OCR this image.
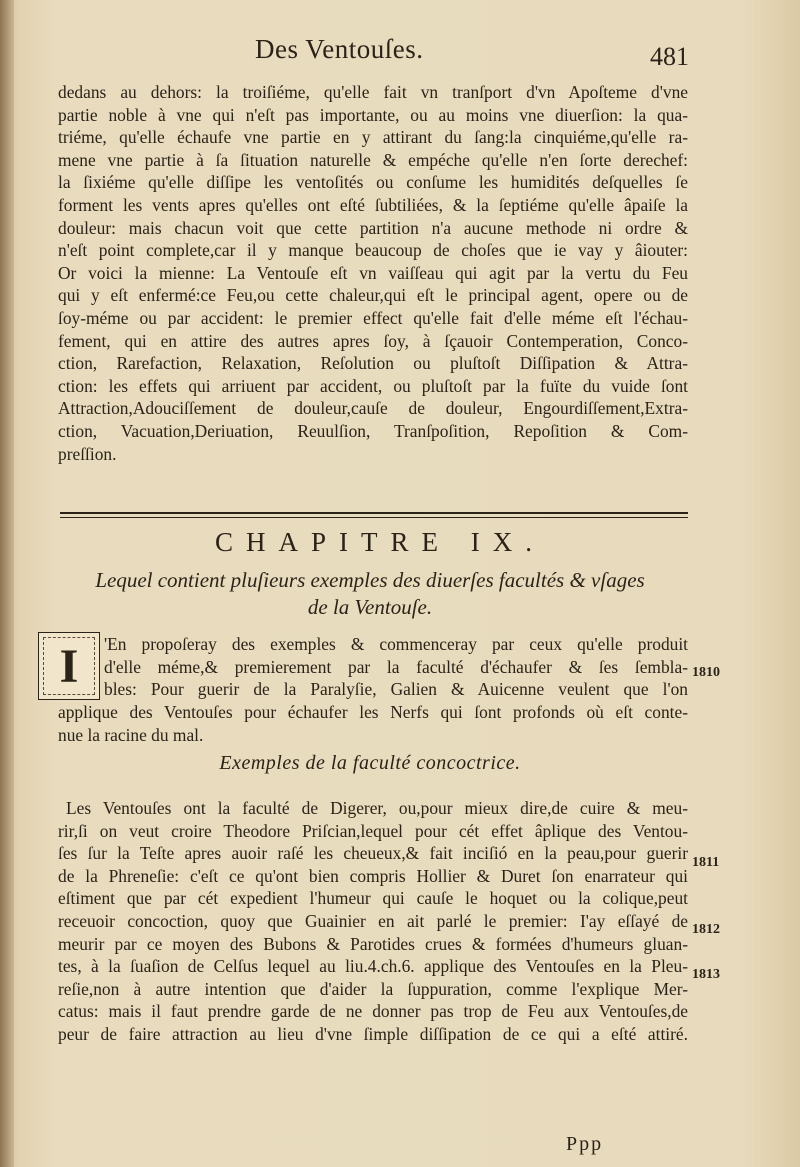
Des Ventouſes.	481
dedans au dehors: la troiſiéme, qu'elle fait vn tranſport d'vn Apoſteme d'vne
partie noble à vne qui n'eſt pas importante, ou au moins vne diuerſion: la qua-
triéme, qu'elle échaufe vne partie en y attirant du ſang:la cinquiéme,qu'elle ra-
mene vne partie à ſa ſituation naturelle & empéche qu'elle n'en ſorte derechef:
la ſixiéme qu'elle diſſipe les ventoſités ou conſume les humidités deſquelles ſe
forment les vents apres qu'elles ont eſté ſubtiliées, & la ſeptiéme qu'elle âpaiſe la
douleur: mais chacun voit que cette partition n'a aucune methode ni ordre &
n'eſt point complete,car il y manque beaucoup de choſes que ie vay y âiouter:
Or voici la mienne: La Ventouſe eſt vn vaiſſeau qui agit par la vertu du Feu
qui y eſt enfermé:ce Feu,ou cette chaleur,qui eſt le principal agent, opere ou de
ſoy-méme ou par accident: le premier effect qu'elle fait d'elle méme eſt l'échau-
fement, qui en attire des autres apres ſoy, à ſçauoir Contemperation, Conco-
ction, Rarefaction, Relaxation, Reſolution ou pluſtoſt Diſſipation & Attra-
ction: les effets qui arriuent par accident, ou pluſtoſt par la fuïte du vuide ſont
Attraction,Adouciſſement de douleur,cauſe de douleur, Engourdiſſement,Extra-
ction, Vacuation,Deriuation, Reuulſion, Tranſpoſition, Repoſition & Com-
preſſion.
CHAPITRE IX.
Lequel contient pluſieurs exemples des diuerſes facultés & vſages
de la Ventouſe.
I 'En propoſeray des exemples & commenceray par ceux qu'elle produit
d'elle méme,& premierement par la faculté d'échaufer & ſes ſembla-
bles: Pour guerir de la Paralyſie, Galien & Auicenne veulent que l'on
applique des Ventouſes pour échaufer les Nerfs qui ſont profonds où eſt conte-
nue la racine du mal.
Exemples de la faculté concoctrice.
Les Ventouſes ont la faculté de Digerer, ou,pour mieux dire,de cuire & meu-
rir,ſi on veut croire Theodore Priſcian,lequel pour cét effet âplique des Ventou-
ſes ſur la Teſte apres auoir raſé les cheueux,& fait inciſió en la peau,pour guerir
de la Phreneſie: c'eſt ce qu'ont bien compris Hollier & Duret ſon enarrateur qui
eſtiment que par cét expedient l'humeur qui cauſe le hoquet ou la colique,peut
receuoir concoction, quoy que Guainier en ait parlé le premier: I'ay eſſayé de
meurir par ce moyen des Bubons & Parotides crues & formées d'humeurs gluan-
tes, à la ſuaſion de Celſus lequel au liu.4.ch.6. applique des Ventouſes en la Pleu-
reſie,non à autre intention que d'aider la ſuppuration, comme l'explique Mer-
catus: mais il faut prendre garde de ne donner pas trop de Feu aux Ventouſes,de
peur de faire attraction au lieu d'vne ſimple diſſipation de ce qui a eſté attiré.
1810
1811
1812
1813
Ppp
